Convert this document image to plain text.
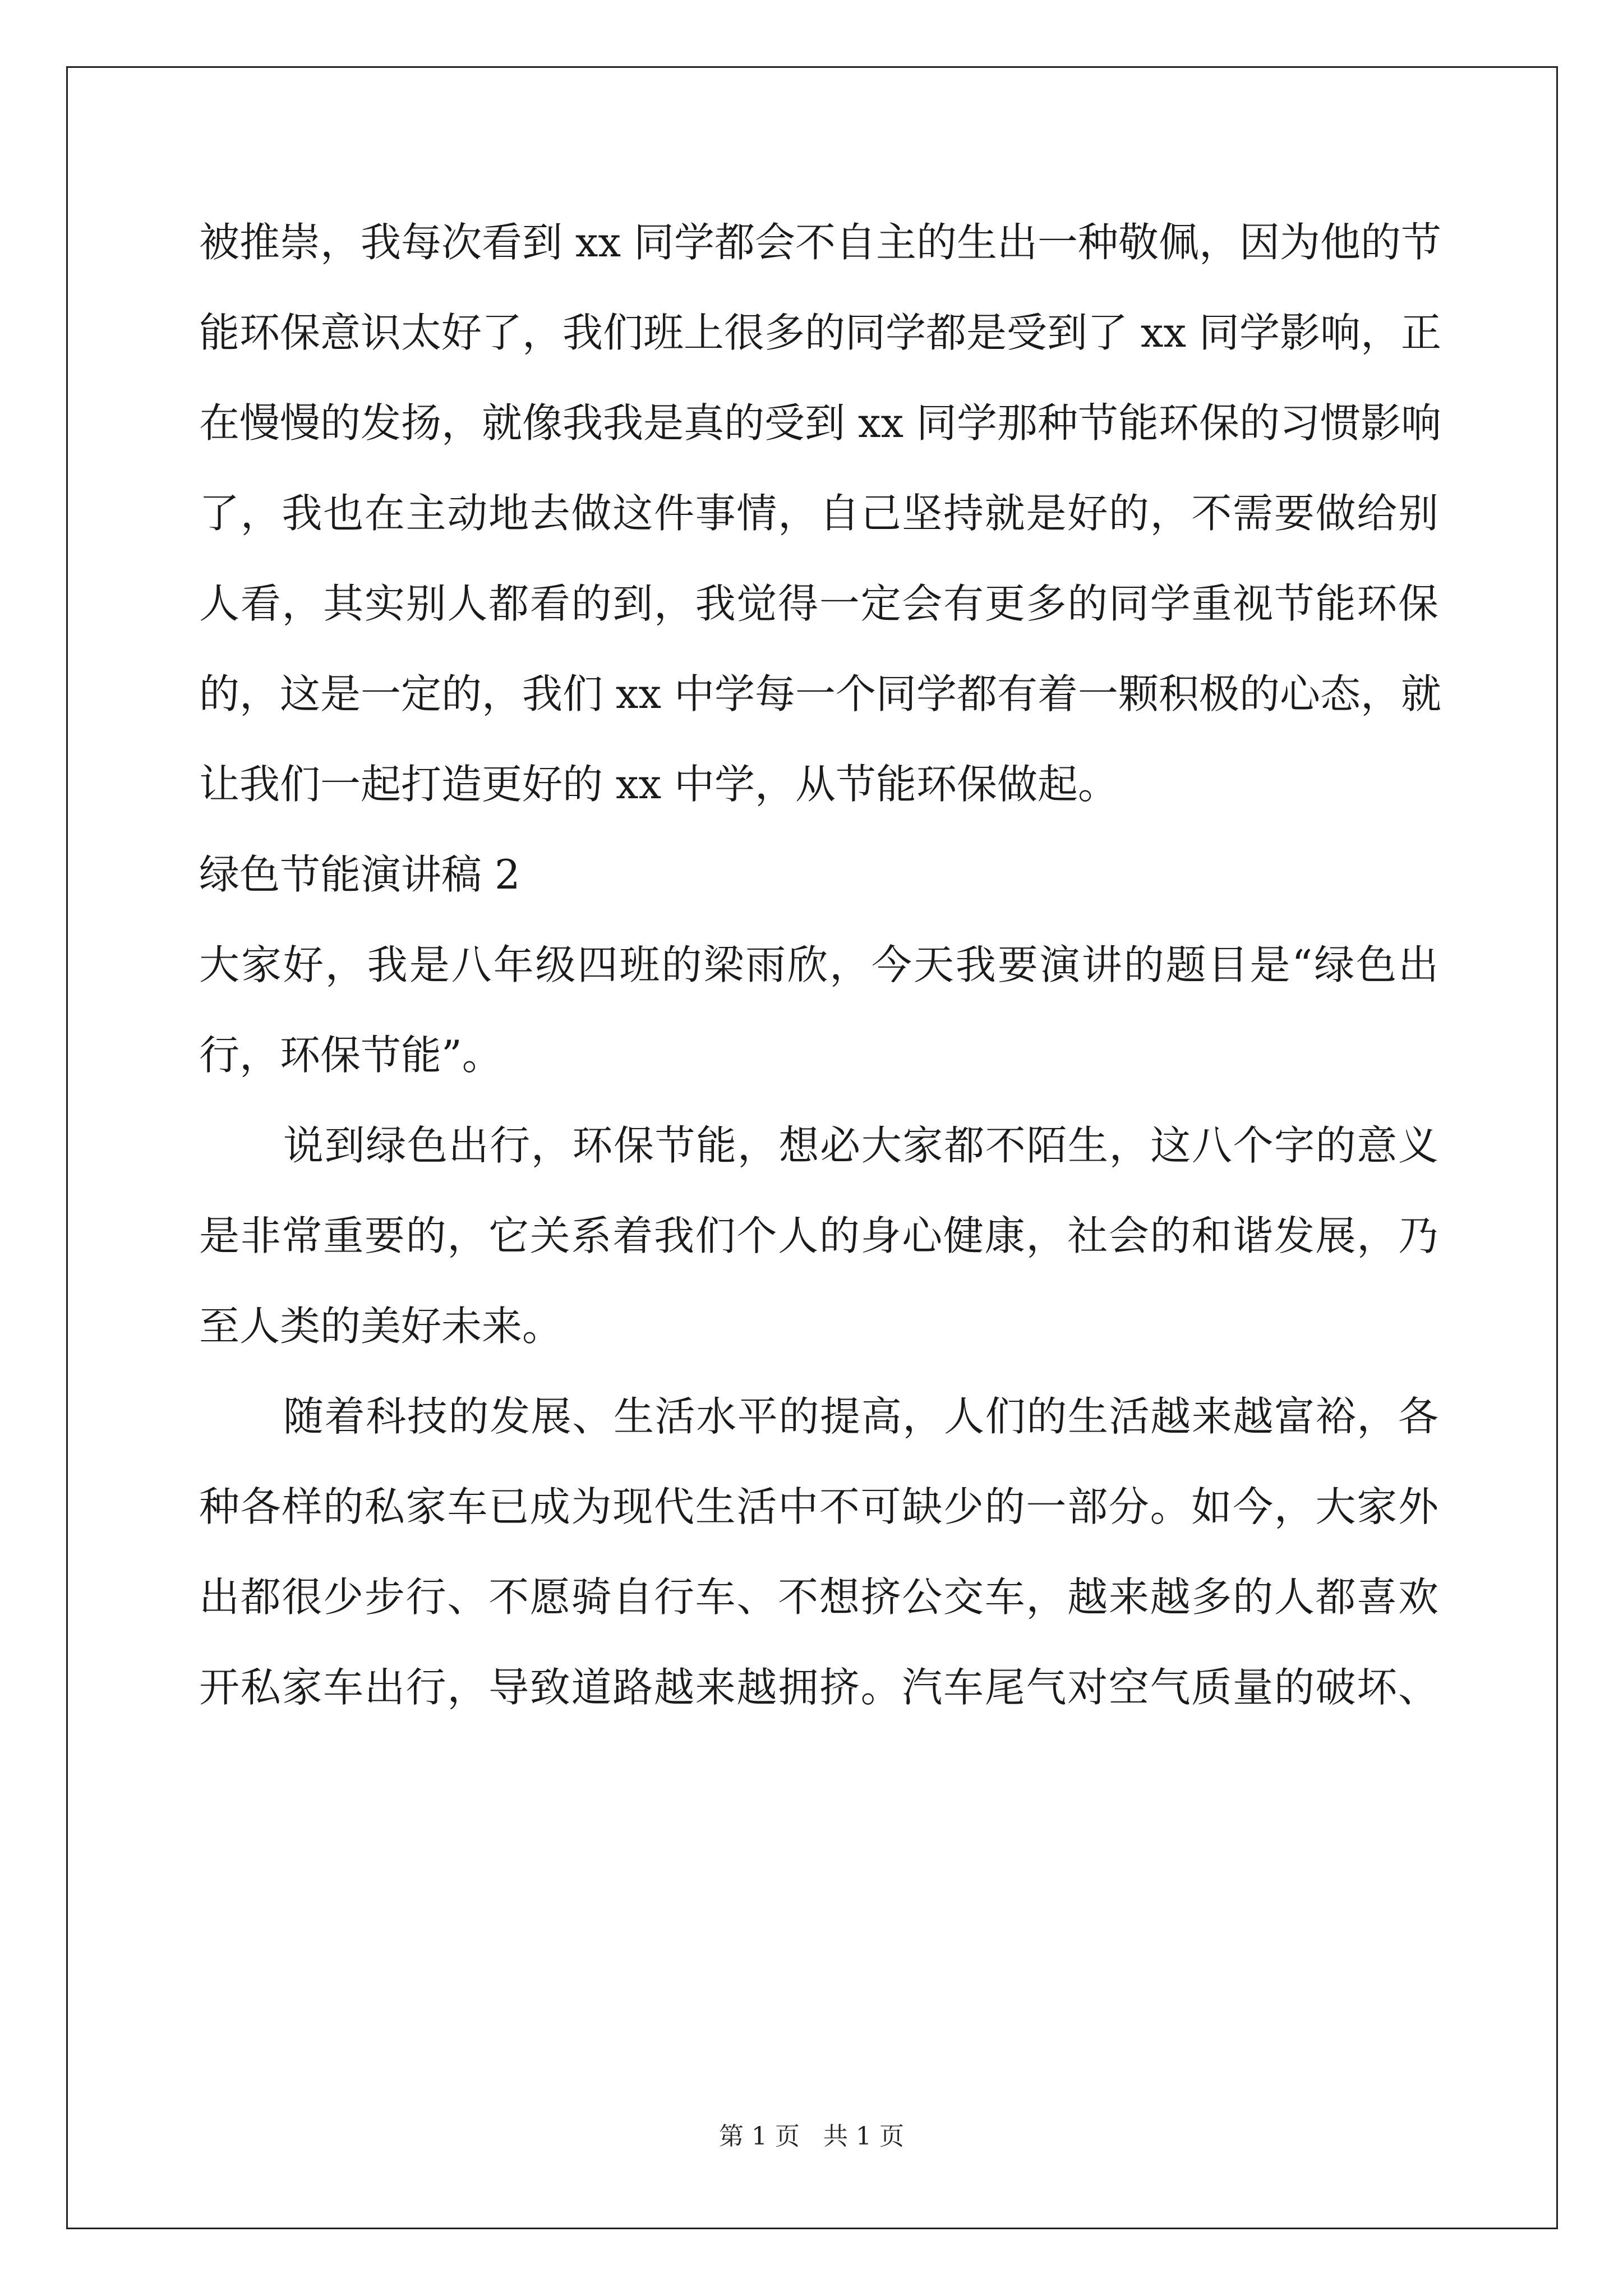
被推崇，我每次看到 xx 同学都会不自主的生出一种敬佩，因为他的节
能环保意识太好了，我们班上很多的同学都是受到了 xx 同学影响，正
在慢慢的发扬，就像我我是真的受到 xx 同学那种节能环保的习惯影响
了，我也在主动地去做这件事情，自己坚持就是好的，不需要做给别
人看，其实别人都看的到，我觉得一定会有更多的同学重视节能环保
的，这是一定的，我们 xx 中学每一个同学都有着一颗积极的心态，就
让我们一起打造更好的 xx 中学，从节能环保做起。
绿色节能演讲稿 2
大家好，我是八年级四班的梁雨欣，今天我要演讲的题目是“绿色出
行，环保节能”。
说到绿色出行，环保节能，想必大家都不陌生，这八个字的意义
是非常重要的，它关系着我们个人的身心健康，社会的和谐发展，乃
至人类的美好未来。
随着科技的发展、生活水平的提高，人们的生活越来越富裕，各
种各样的私家车已成为现代生活中不可缺少的一部分。如今，大家外
出都很少步行、不愿骑自行车、不想挤公交车，越来越多的人都喜欢
开私家车出行，导致道路越来越拥挤。汽车尾气对空气质量的破坏、
第 1 页 共 1 页
